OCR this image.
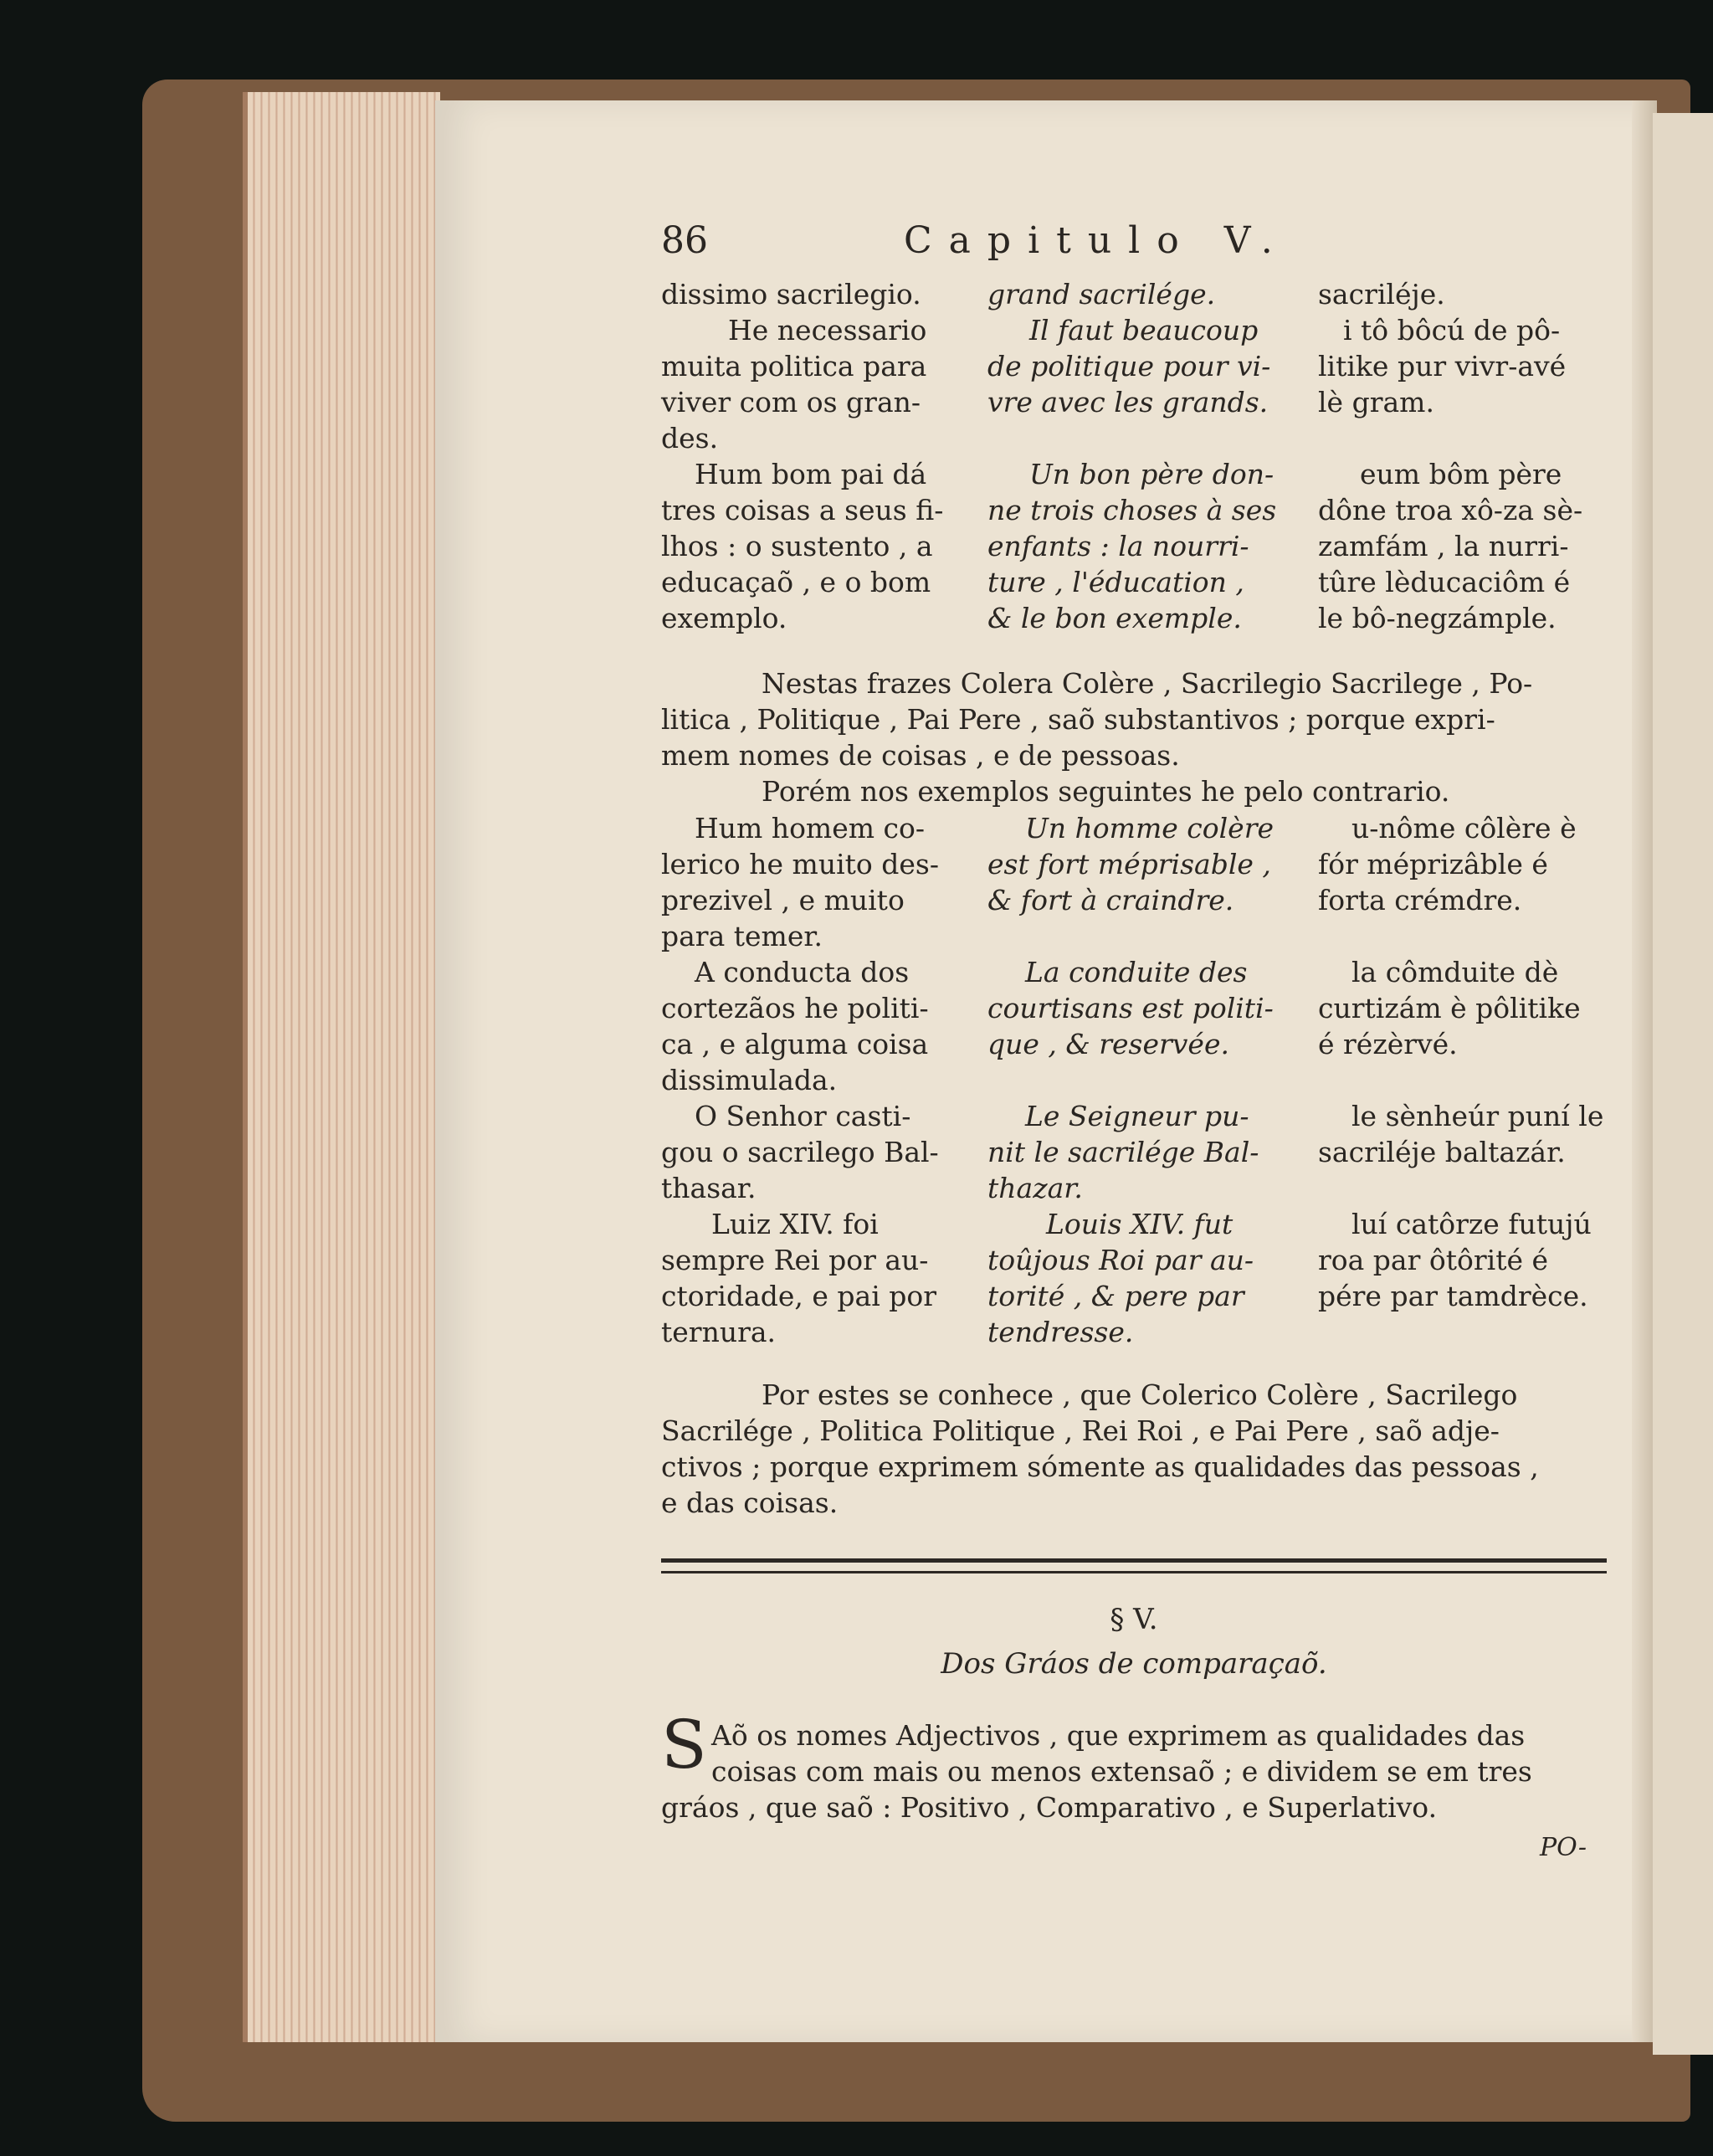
86	Capitulo V.
dissimo sacrilegio.
He necessario
muita politica para
viver com os gran-
des.
Hum bom pai dá
tres coisas a seus fi-
lhos : o sustento , a
educaçaõ , e o bom
exemplo.
grand sacrilége.
Il faut beaucoup
de politique pour vi-
vre avec les grands.
Un bon père don-
ne trois choses à ses
enfants : la nourri-
ture , l'éducation ,
& le bon exemple.
sacriléje.
i tô bôcú de pô-
litike pur vivr-avé
lè gram.
eum bôm père
dône troa xô-za sè-
zamfám , la nurri-
tûre lèducaciôm é
le bô-negzámple.
Nestas frazes Colera Colère , Sacrilegio Sacrilege , Po-
litica , Politique , Pai Pere , saõ substantivos ; porque expri-
mem nomes de coisas , e de pessoas.
Porém nos exemplos seguintes he pelo contrario.
Hum homem co-
lerico he muito des-
prezivel , e muito
para temer.
A conducta dos
cortezãos he politi-
ca , e alguma coisa
dissimulada.
O Senhor casti-
gou o sacrilego Bal-
thasar.
Luiz XIV. foi
sempre Rei por au-
ctoridade, e pai por
ternura.
Un homme colère
est fort méprisable ,
& fort à craindre.
La conduite des
courtisans est politi-
que , & reservée.
Le Seigneur pu-
nit le sacrilége Bal-
thazar.
Louis XIV. fut
toûjous Roi par au-
torité , & pere par
tendresse.
u-nôme côlère è
fór méprizâble é
forta crémdre.
la cômduite dè
curtizám è pôlitike
é rézèrvé.
le sènheúr puní le
sacriléje baltazár.
luí catôrze futujú
roa par ôtôrité é
pére par tamdrèce.
Por estes se conhece , que Colerico Colère , Sacrilego
Sacrilége , Politica Politique , Rei Roi , e Pai Pere , saõ adje-
ctivos ; porque exprimem sómente as qualidades das pessoas ,
e das coisas.
§ V.
Dos Gráos de comparaçaõ.
S Aõ os nomes Adjectivos , que exprimem as qualidades das
coisas com mais ou menos extensaõ ; e dividem se em tres
gráos , que saõ : Positivo , Comparativo , e Superlativo.
PO-
